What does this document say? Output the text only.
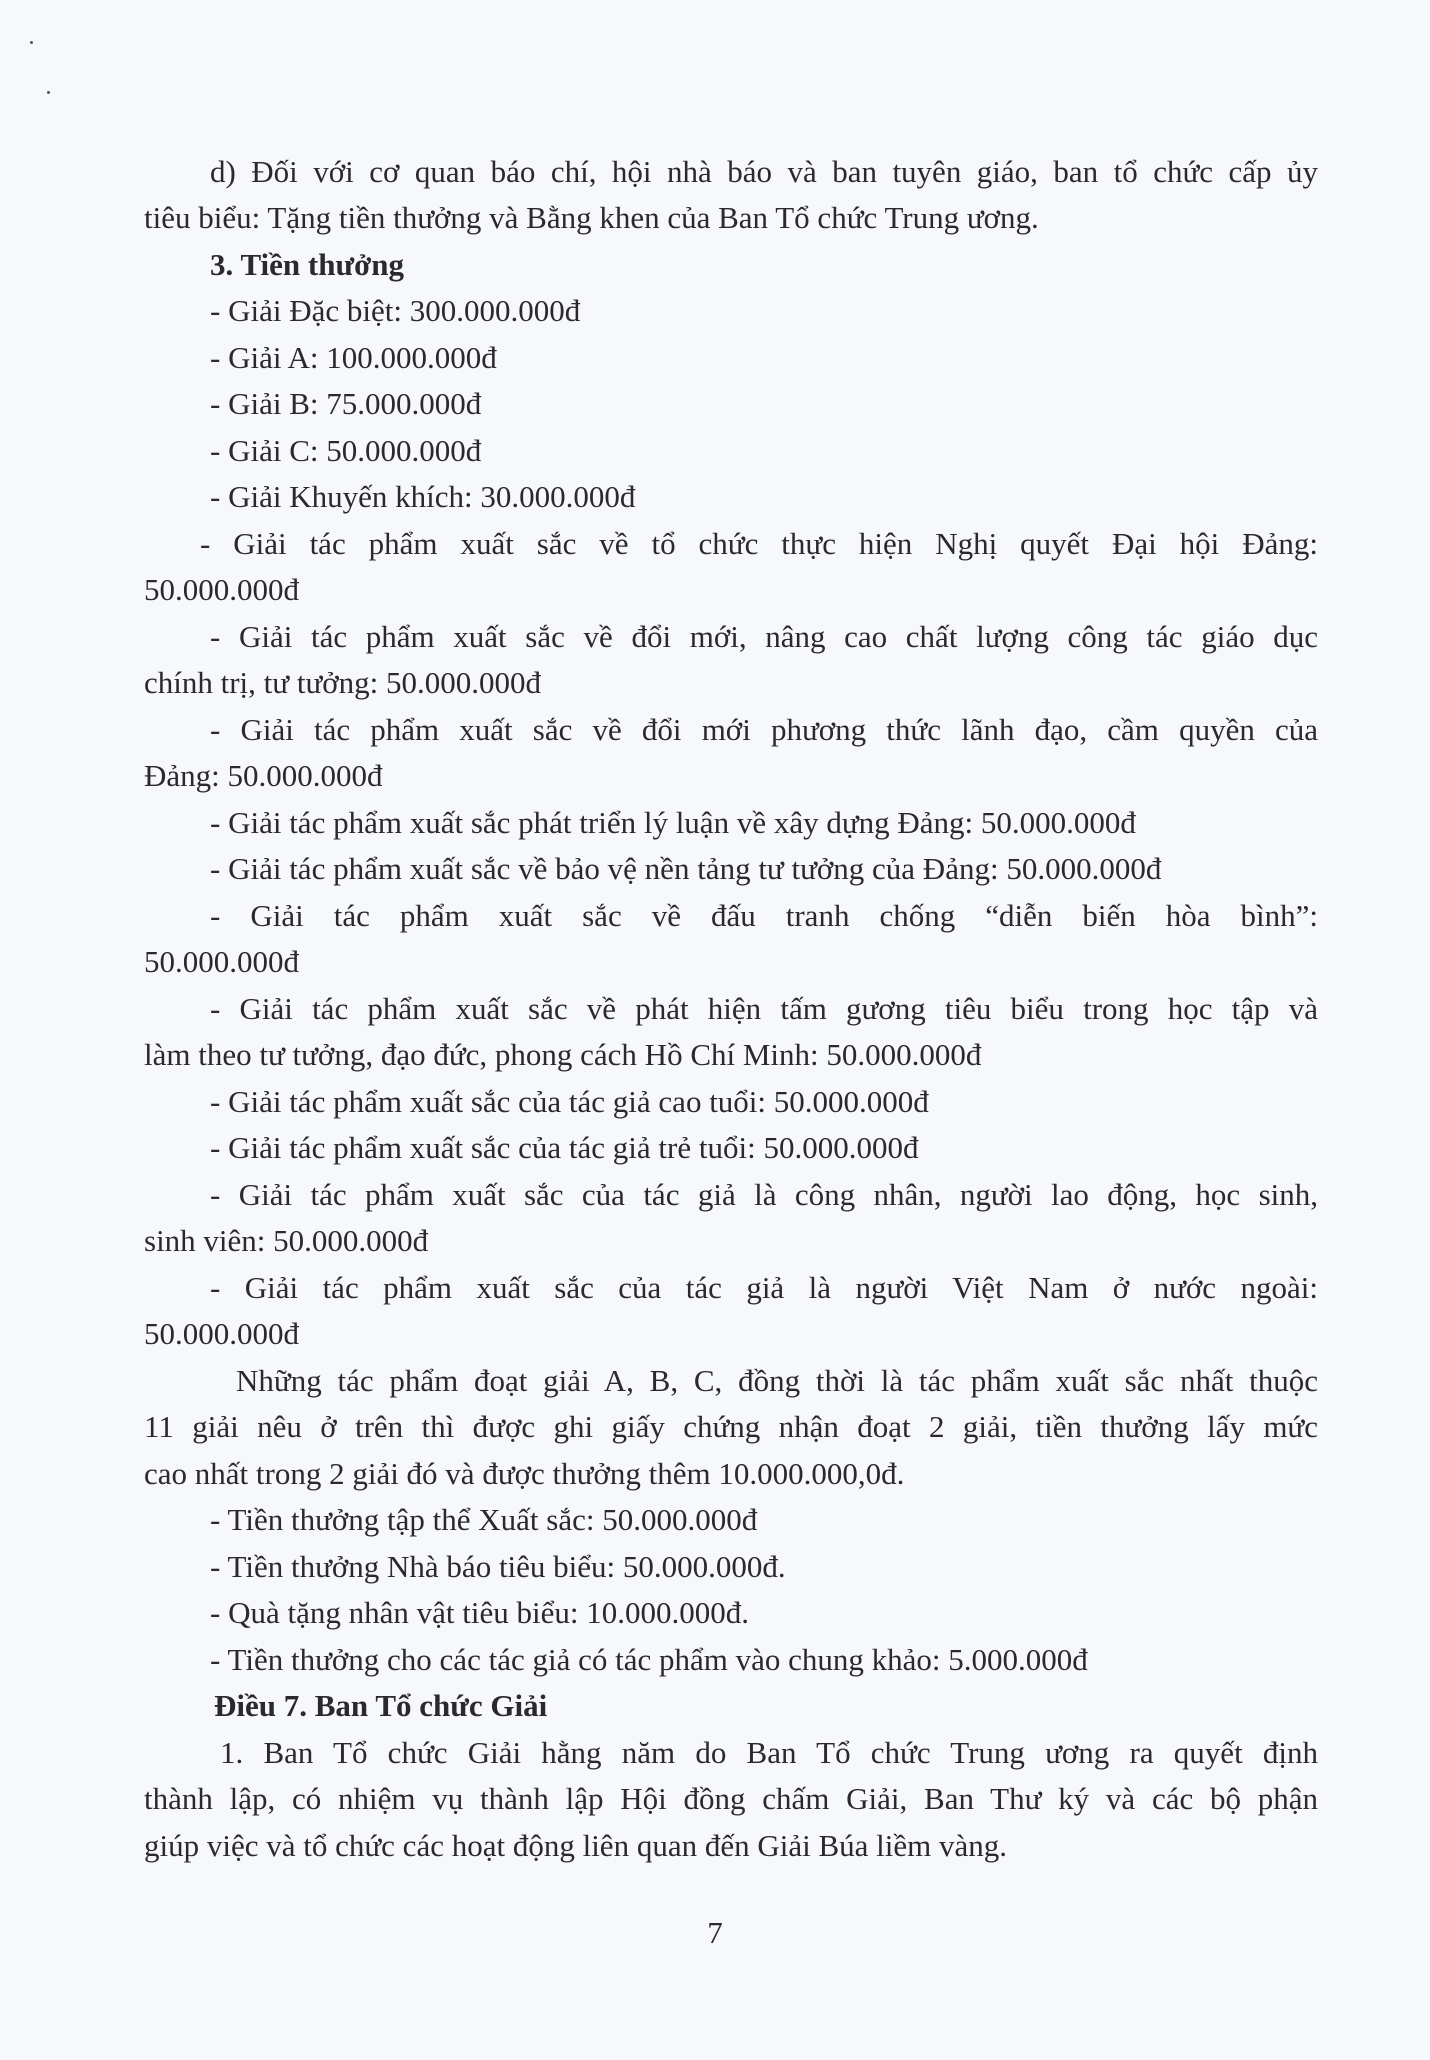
d) Đối với cơ quan báo chí, hội nhà báo và ban tuyên giáo, ban tổ chức cấp ủy
tiêu biểu: Tặng tiền thưởng và Bằng khen của Ban Tổ chức Trung ương.
3. Tiền thưởng
- Giải Đặc biệt: 300.000.000đ
- Giải A: 100.000.000đ
- Giải B: 75.000.000đ
- Giải C: 50.000.000đ
- Giải Khuyến khích: 30.000.000đ
- Giải tác phẩm xuất sắc về tổ chức thực hiện Nghị quyết Đại hội Đảng:
50.000.000đ
- Giải tác phẩm xuất sắc về đổi mới, nâng cao chất lượng công tác giáo dục
chính trị, tư tưởng: 50.000.000đ
- Giải tác phẩm xuất sắc về đổi mới phương thức lãnh đạo, cầm quyền của
Đảng: 50.000.000đ
- Giải tác phẩm xuất sắc phát triển lý luận về xây dựng Đảng: 50.000.000đ
- Giải tác phẩm xuất sắc về bảo vệ nền tảng tư tưởng của Đảng: 50.000.000đ
- Giải tác phẩm xuất sắc về đấu tranh chống “diễn biến hòa bình”:
50.000.000đ
- Giải tác phẩm xuất sắc về phát hiện tấm gương tiêu biểu trong học tập và
làm theo tư tưởng, đạo đức, phong cách Hồ Chí Minh: 50.000.000đ
- Giải tác phẩm xuất sắc của tác giả cao tuổi: 50.000.000đ
- Giải tác phẩm xuất sắc của tác giả trẻ tuổi: 50.000.000đ
- Giải tác phẩm xuất sắc của tác giả là công nhân, người lao động, học sinh,
sinh viên: 50.000.000đ
- Giải tác phẩm xuất sắc của tác giả là người Việt Nam ở nước ngoài:
50.000.000đ
Những tác phẩm đoạt giải A, B, C, đồng thời là tác phẩm xuất sắc nhất thuộc
11 giải nêu ở trên thì được ghi giấy chứng nhận đoạt 2 giải, tiền thưởng lấy mức
cao nhất trong 2 giải đó và được thưởng thêm 10.000.000,0đ.
- Tiền thưởng tập thể Xuất sắc: 50.000.000đ
- Tiền thưởng Nhà báo tiêu biểu: 50.000.000đ.
- Quà tặng nhân vật tiêu biểu: 10.000.000đ.
- Tiền thưởng cho các tác giả có tác phẩm vào chung khảo: 5.000.000đ
Điều 7. Ban Tổ chức Giải
1. Ban Tổ chức Giải hằng năm do Ban Tổ chức Trung ương ra quyết định
thành lập, có nhiệm vụ thành lập Hội đồng chấm Giải, Ban Thư ký và các bộ phận
giúp việc và tổ chức các hoạt động liên quan đến Giải Búa liềm vàng.
7
